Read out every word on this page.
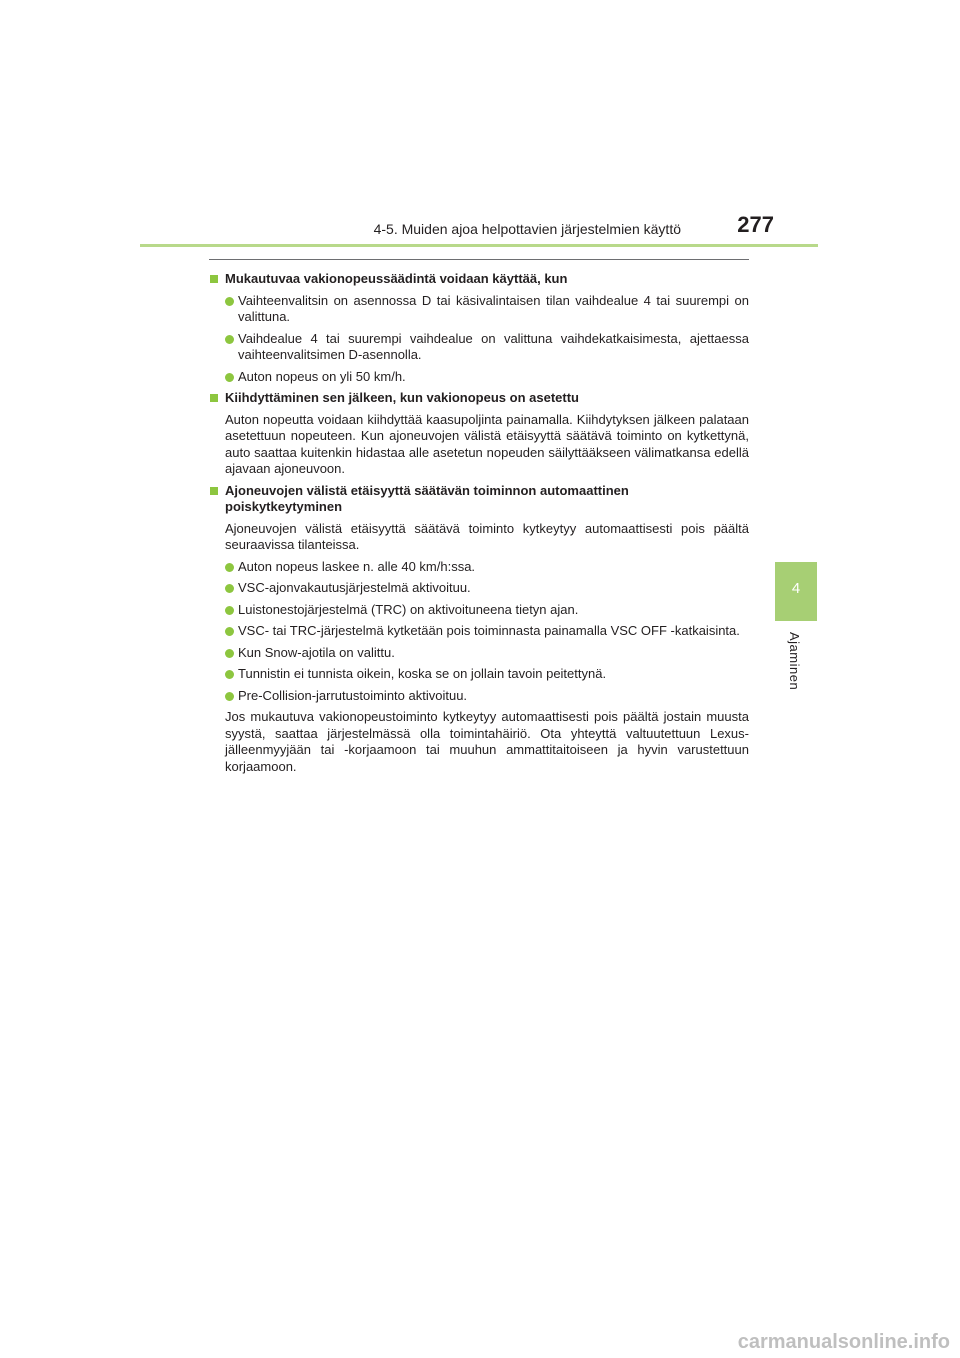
4-5. Muiden ajoa helpottavien järjestelmien käyttö	277
4
Ajaminen
Mukautuvaa vakionopeussäädintä voidaan käyttää, kun
Vaihteenvalitsin on asennossa D tai käsivalintaisen tilan vaihdealue 4 tai suurempi on valittuna.
Vaihdealue 4 tai suurempi vaihdealue on valittuna vaihdekatkaisimesta, ajettaessa vaihteenvalitsimen D-asennolla.
Auton nopeus on yli 50 km/h.
Kiihdyttäminen sen jälkeen, kun vakionopeus on asetettu
Auton nopeutta voidaan kiihdyttää kaasupoljinta painamalla. Kiihdytyksen jälkeen palataan asetettuun nopeuteen. Kun ajoneuvojen välistä etäisyyttä säätävä toiminto on kytkettynä, auto saattaa kuitenkin hidastaa alle asetetun nopeuden säilyttääkseen välimatkansa edellä ajavaan ajoneuvoon.
Ajoneuvojen välistä etäisyyttä säätävän toiminnon automaattinen poiskytkeytyminen
Ajoneuvojen välistä etäisyyttä säätävä toiminto kytkeytyy automaattisesti pois päältä seuraavissa tilanteissa.
Auton nopeus laskee n. alle 40 km/h:ssa.
VSC-ajonvakautusjärjestelmä aktivoituu.
Luistonestojärjestelmä (TRC) on aktivoituneena tietyn ajan.
VSC- tai TRC-järjestelmä kytketään pois toiminnasta painamalla VSC OFF -katkaisinta.
Kun Snow-ajotila on valittu.
Tunnistin ei tunnista oikein, koska se on jollain tavoin peitettynä.
Pre-Collision-jarrutustoiminto aktivoituu.
Jos mukautuva vakionopeustoiminto kytkeytyy automaattisesti pois päältä jostain muusta syystä, saattaa järjestelmässä olla toimintahäiriö. Ota yhteyttä valtuutettuun Lexus-jälleenmyyjään tai -korjaamoon tai muuhun ammattitaitoiseen ja hyvin varustettuun korjaamoon.
carmanualsonline.info
